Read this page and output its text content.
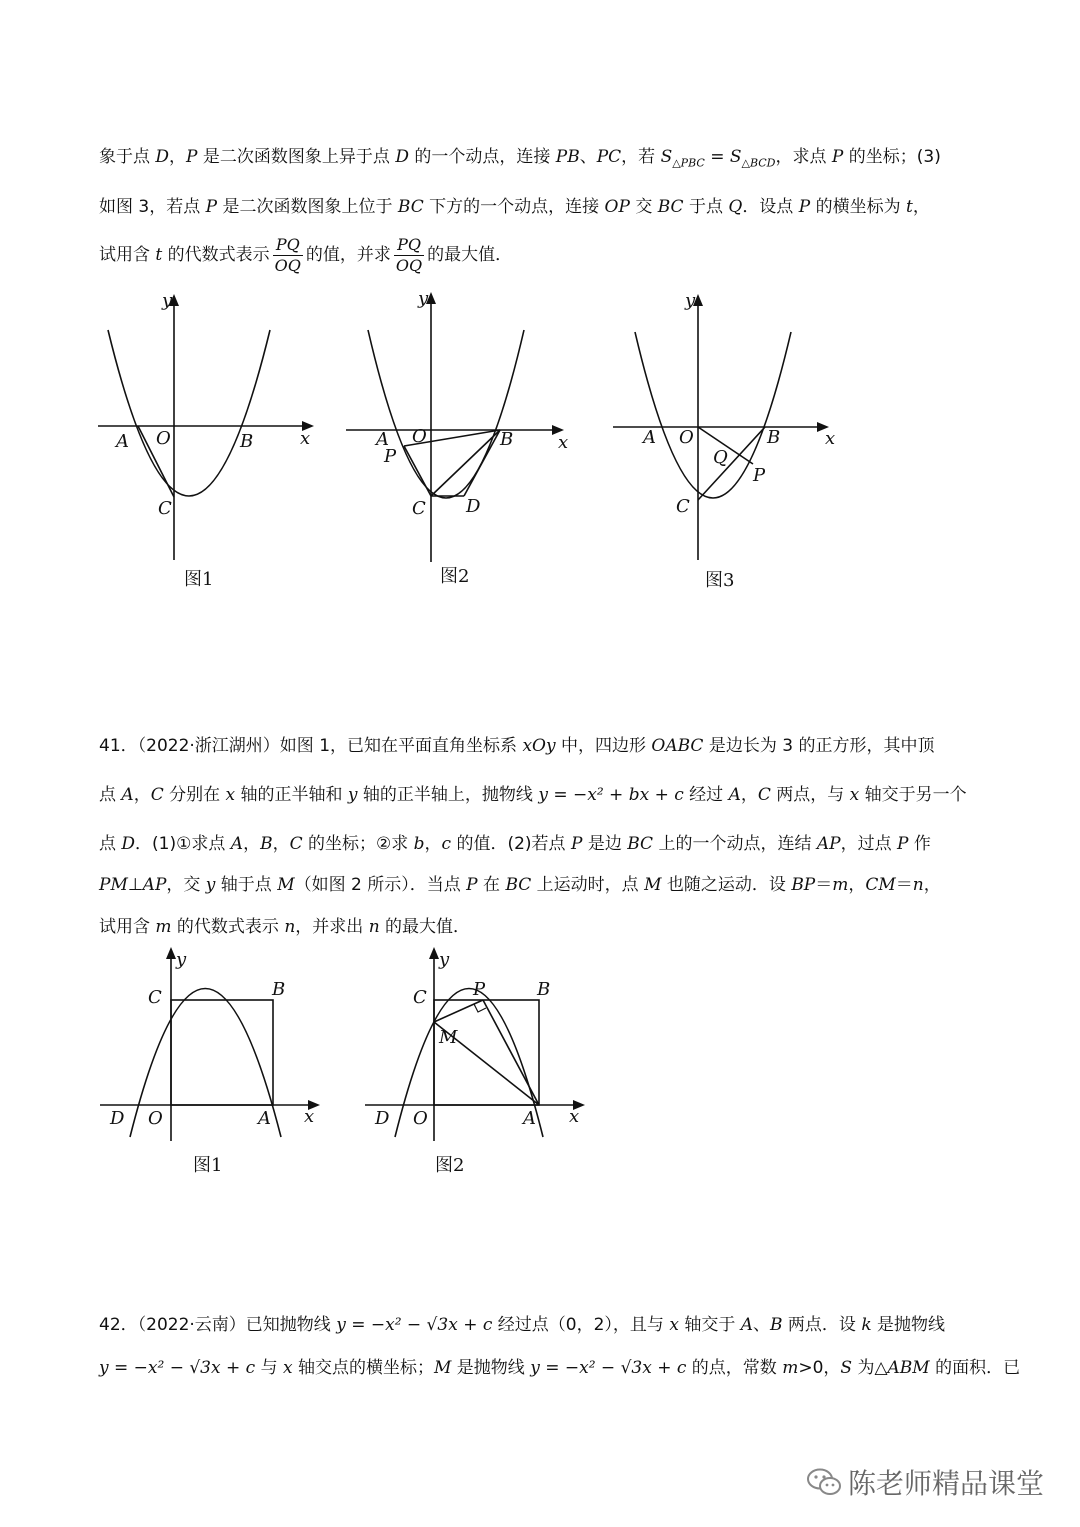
象于点 D，P 是二次函数图象上异于点 D 的一个动点，连接 PB、PC，若 $S_{\triangle PBC} = S_{\triangle BCD}$，求点 P 的坐标；(3)
如图 3，若点 P 是二次函数图象上位于 BC 下方的一个动点，连接 OP 交 BC 于点 Q．设点 P 的横坐标为 t，
试用含 t 的代数式表示 $\frac{PQ}{OQ}$ 的值，并求 $\frac{PQ}{OQ}$ 的最大值．
y
x
A O	B
C
图1
y
x
A O	B
P
C D
图2
y
x
A O	B
Q
P
C
图3
41．（2022·浙江湖州）如图 1，已知在平面直角坐标系 xOy 中，四边形 OABC 是边长为 3 的正方形，其中顶
点 A，C 分别在 x 轴的正半轴和 y 轴的正半轴上，抛物线 y = −x² + bx + c 经过 A，C 两点，与 x 轴交于另一个
点 D．(1)①求点 A，B，C 的坐标；②求 b，c 的值．(2)若点 P 是边 BC 上的一个动点，连结 AP，过点 P 作
PM⊥AP，交 y 轴于点 M（如图 2 所示）．当点 P 在 BC 上运动时，点 M 也随之运动．设 BP＝m，CM＝n，
试用含 m 的代数式表示 n，并求出 n 的最大值．
y
x
C	B
D O	A
图1
y
x
C	P	B
M
D O	A
图2
42．（2022·云南）已知抛物线 y = −x² − √3x + c 经过点（0，2），且与 x 轴交于 A、B 两点．设 k 是抛物线
y = −x² − √3x + c 与 x 轴交点的横坐标；M 是抛物线 y = −x² − √3x + c 的点，常数 m>0，S 为△ABM 的面积．已
陈老师精品课堂
